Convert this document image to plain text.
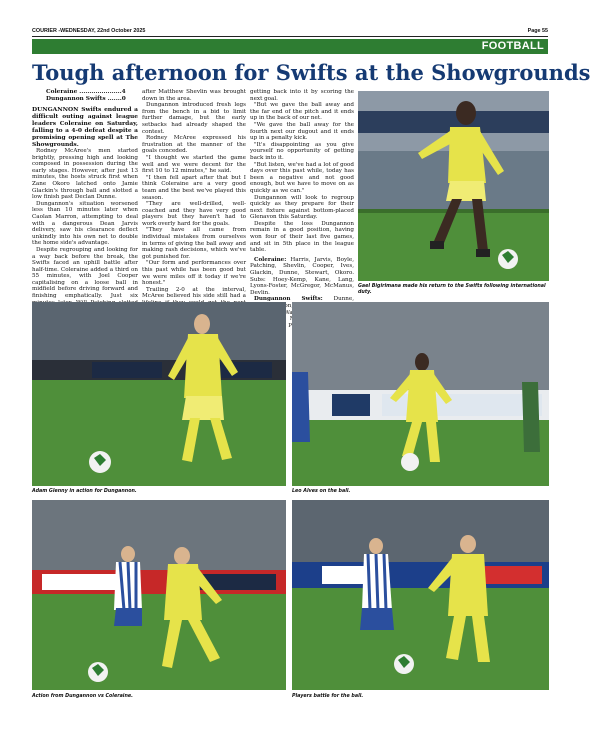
COURIER -WEDNESDAY, 22nd October 2025	Page 55
FOOTBALL
Tough afternoon for Swifts at the Showgrounds
Coleraine .....................4
Dungannon Swifts .......0

DUNGANNON Swifts endured a difficult outing against league leaders Coleraine on Saturday, falling to a 4-0 defeat despite a promising opening spell at The Showgrounds.

Rodney McAree's men started brightly, pressing high and looking composed in possession during the early stages. However, after just 13 minutes, the hosts struck first when Zane Okoro latched onto Jamie Glackin's through ball and slotted a low finish past Declan Dunne.

Dungannon's situation worsened less than 10 minutes later when Caolan Marron, attempting to deal with a dangerous Dean Jarvis delivery, saw his clearance deflect unkindly into his own net to double the home side's advantage.

Despite regrouping and looking for a way back before the break, the Swifts faced an uphill battle after half-time. Coleraine added a third on 55 minutes, with Joel Cooper capitalising on a loose ball in midfield before driving forward and finishing emphatically. Just six

after Matthew Shevlin was brought down in the area.

Dungannon introduced fresh legs from the bench in a bid to limit further damage, but the early setbacks had already shaped the contest.

Rodney McAree expressed his frustration at the manner of the goals conceded.

"I thought we started the game well and we were decent for the first 10 to 12 minutes," he said.

"I then fell apart after that but I think Coleraine are a very good team and the best we've played this season.

"They are well-drilled, well-coached and they have very good players but they haven't had to work overly hard for the goals.

"They have all came from individual mistakes from ourselves in terms of giving the ball away and making rash decisions, which we've got punished for.

"Our form and performances over this past while has been good but we were miles off it today if we're honest."

Trailing 2-0 at the interval, McAree believed his side still had a

getting back into it by scoring the next goal.

"But we gave the ball away and the far end of the pitch and it ends up in the back of our net.

"We gave the ball away for the fourth next our dugout and it ends up in a penalty kick.

"It's disappointing as you give yourself no opportunity of getting back into it.

"But listen, we've had a lot of good days over this past while, today has been a negative and not good enough, but we have to move on as quickly as we can."

Dungannon will look to regroup quickly as they prepare for their next fixture against bottom-placed Glenavon this Saturday.

Despite the loss Dungannon remain in a good position, having won four of their last five games, and sit in 5th place in the league table.

Coleraine: Harris, Jarvis, Boyle, Patching, Shevlin, Cooper, Ives, Glackin, Dunne, Stewart, Okoro. Subs: Hoey-Kemp, Kane, Lang, Lyons-Foster, McGregor, McManus, Devlin.

Dungannon Swifts: Dunne, P

Gael Bigirimana made his return to the Swifts following international duty.
Adam Glenny in action for Dungannon.	Leo Alves on the ball.
Action from Dungannon vs Coleraine.	Players battle for the ball.
